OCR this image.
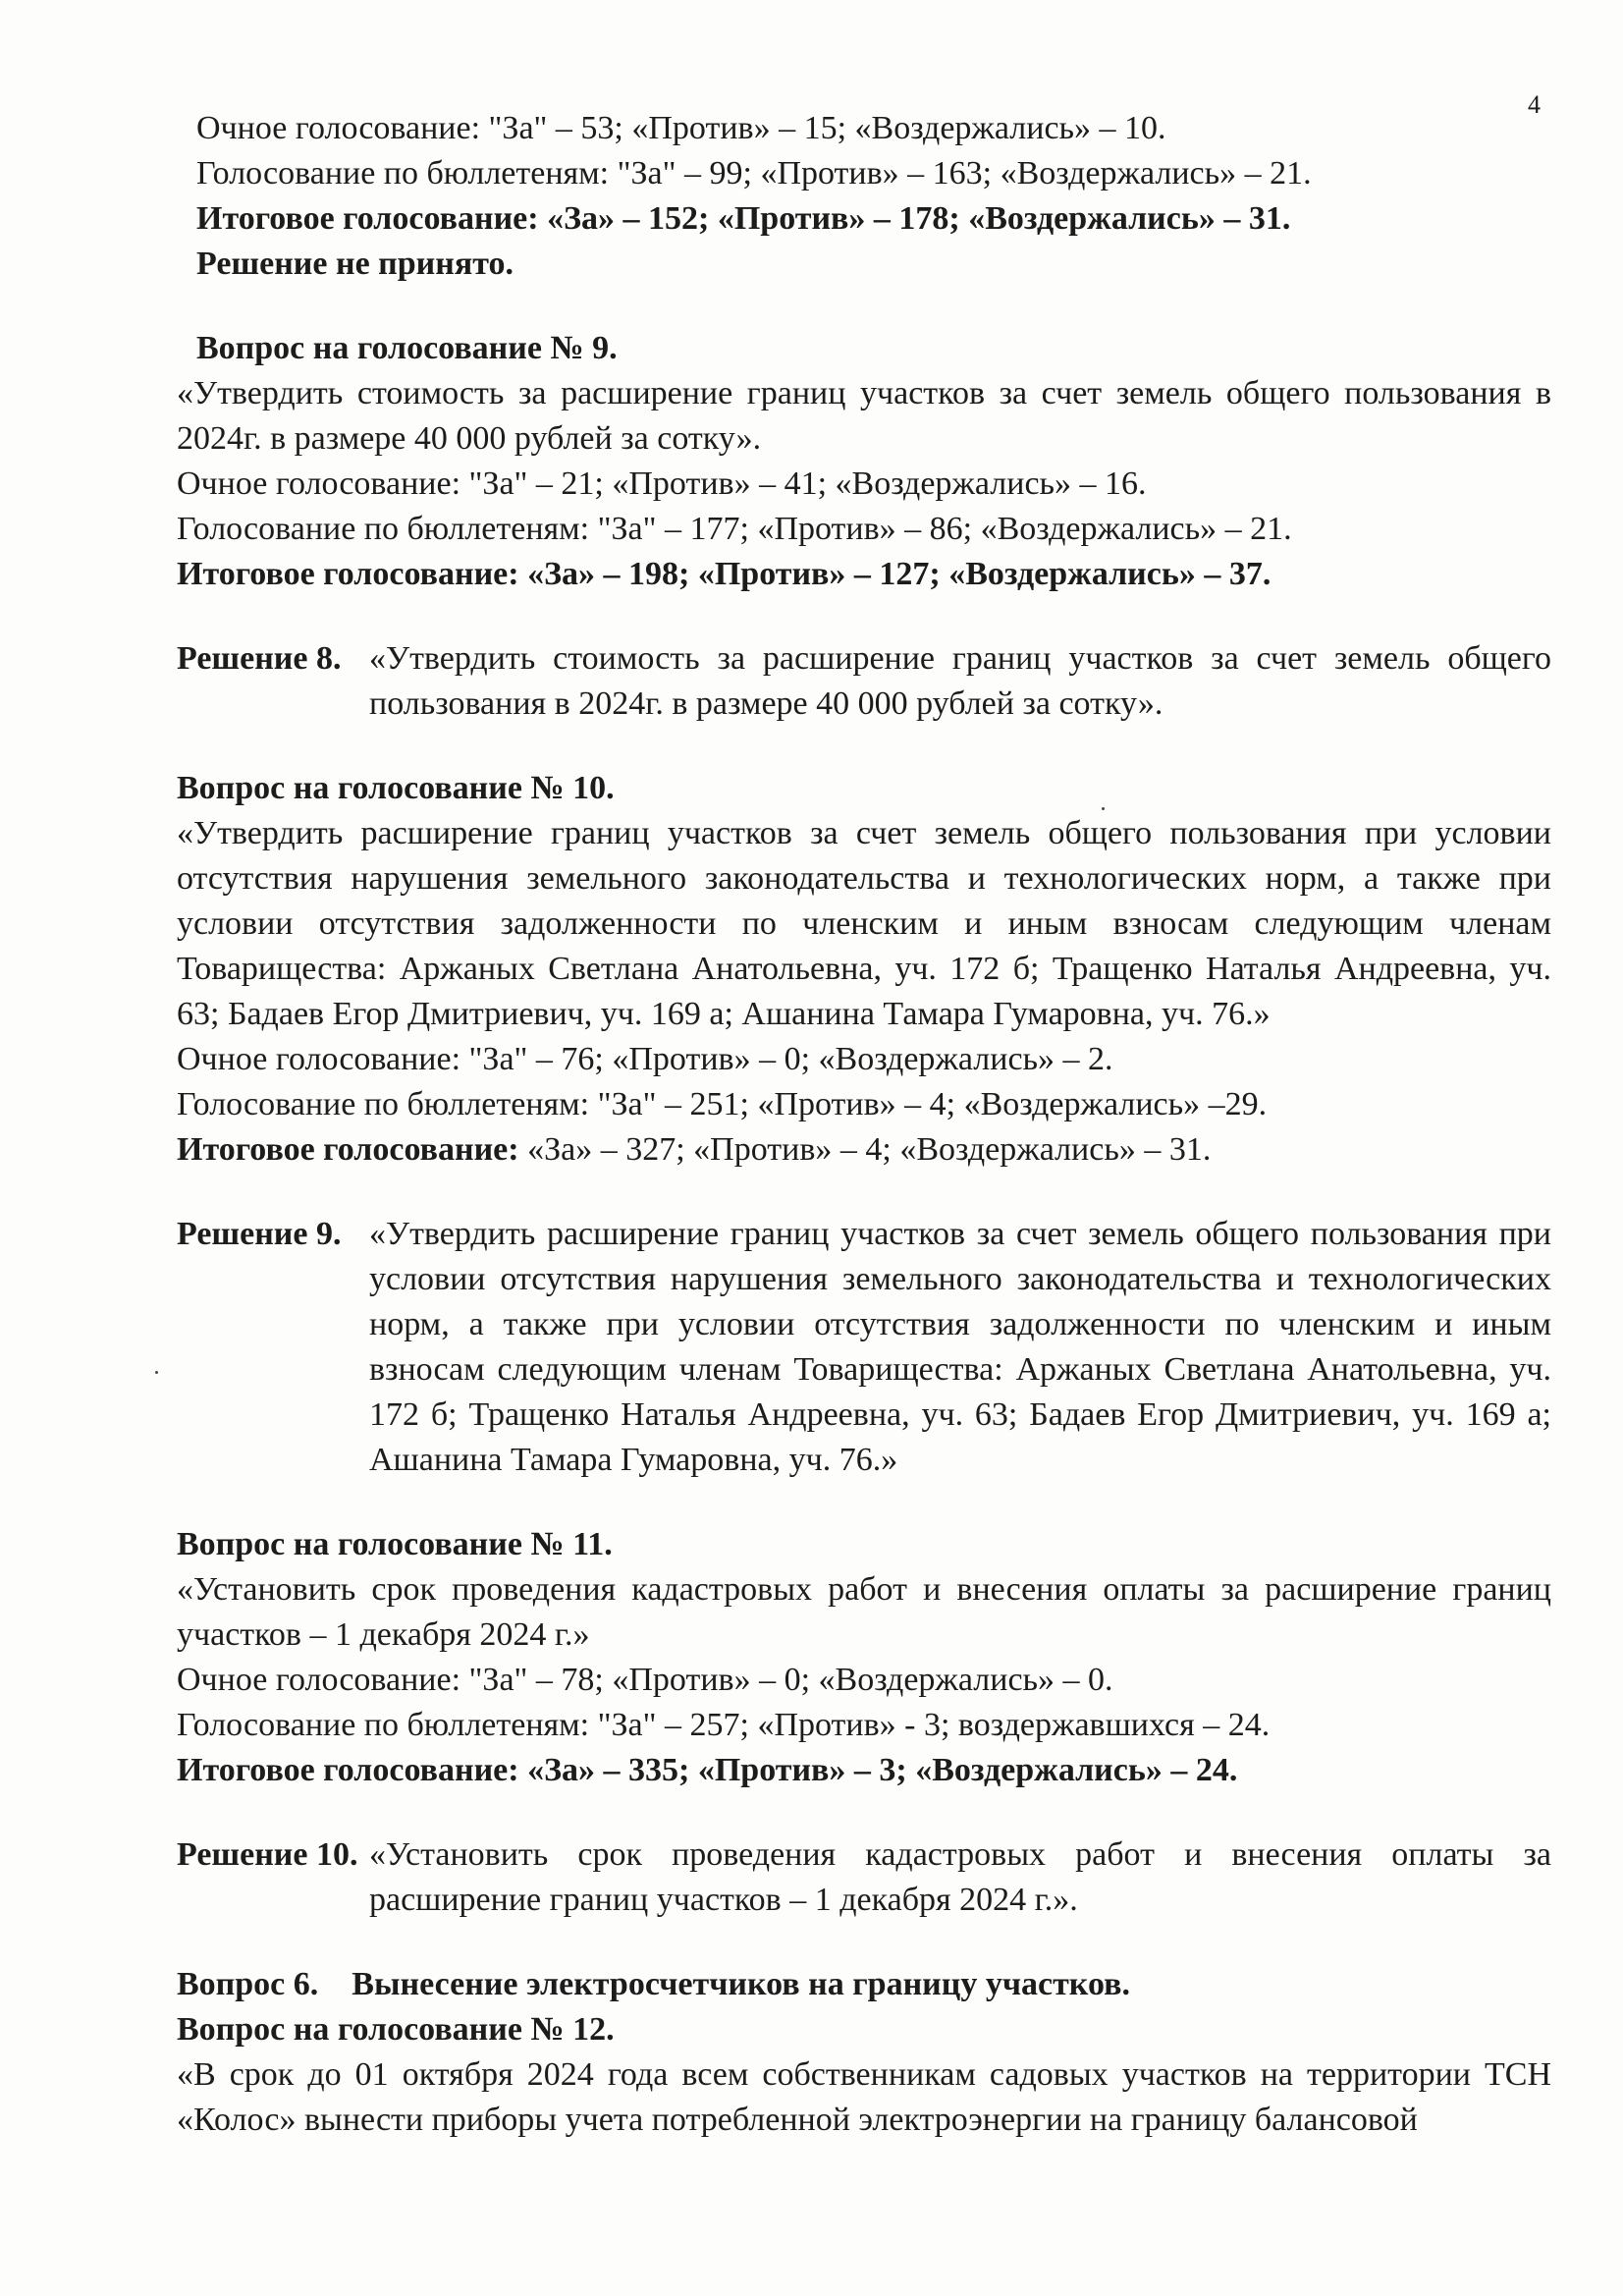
4

Очное голосование: "За" – 53; «Против» – 15; «Воздержались» – 10.

Голосование по бюллетеням: "За" – 99; «Против» – 163; «Воздержались» – 21.

Итоговое голосование: «За» – 152; «Против» – 178; «Воздержались» – 31.

Решение не принято.

Вопрос на голосование № 9.

«Утвердить стоимость за расширение границ участков за счет земель общего пользования в 2024г. в размере 40 000 рублей за сотку».

Очное голосование: "За" – 21; «Против» – 41; «Воздержались» – 16.

Голосование по бюллетеням: "За" – 177; «Против» – 86; «Воздержались» – 21.

Итоговое голосование: «За» – 198; «Против» – 127; «Воздержались» – 37.

Решение 8. «Утвердить стоимость за расширение границ участков за счет земель общего пользования в 2024г. в размере 40 000 рублей за сотку».

Вопрос на голосование № 10.

«Утвердить расширение границ участков за счет земель общего пользования при условии отсутствия нарушения земельного законодательства и технологических норм, а также при условии отсутствия задолженности по членским и иным взносам следующим членам Товарищества: Аржаных Светлана Анатольевна, уч. 172 б; Тращенко Наталья Андреевна, уч. 63; Бадаев Егор Дмитриевич, уч. 169 а; Ашанина Тамара Гумаровна, уч. 76.»

Очное голосование: "За" – 76; «Против» – 0; «Воздержались» – 2.

Голосование по бюллетеням: "За" – 251; «Против» – 4; «Воздержались» –29.

Итоговое голосование: «За» – 327; «Против» – 4; «Воздержались» – 31.

Решение 9. «Утвердить расширение границ участков за счет земель общего пользования при условии отсутствия нарушения земельного законодательства и технологических норм, а также при условии отсутствия задолженности по членским и иным взносам следующим членам Товарищества: Аржаных Светлана Анатольевна, уч. 172 б; Тращенко Наталья Андреевна, уч. 63; Бадаев Егор Дмитриевич, уч. 169 а; Ашанина Тамара Гумаровна, уч. 76.»

Вопрос на голосование № 11.

«Установить срок проведения кадастровых работ и внесения оплаты за расширение границ участков – 1 декабря 2024 г.»

Очное голосование: "За" – 78; «Против» – 0; «Воздержались» – 0.

Голосование по бюллетеням: "За" – 257; «Против» - 3; воздержавшихся – 24.

Итоговое голосование: «За» – 335; «Против» – 3; «Воздержались» – 24.

Решение 10. «Установить срок проведения кадастровых работ и внесения оплаты за расширение границ участков – 1 декабря 2024 г.».

Вопрос 6. Вынесение электросчетчиков на границу участков.

Вопрос на голосование № 12.

«В срок до 01 октября 2024 года всем собственникам садовых участков на территории ТСН «Колос» вынести приборы учета потребленной электроэнергии на границу балансовой
